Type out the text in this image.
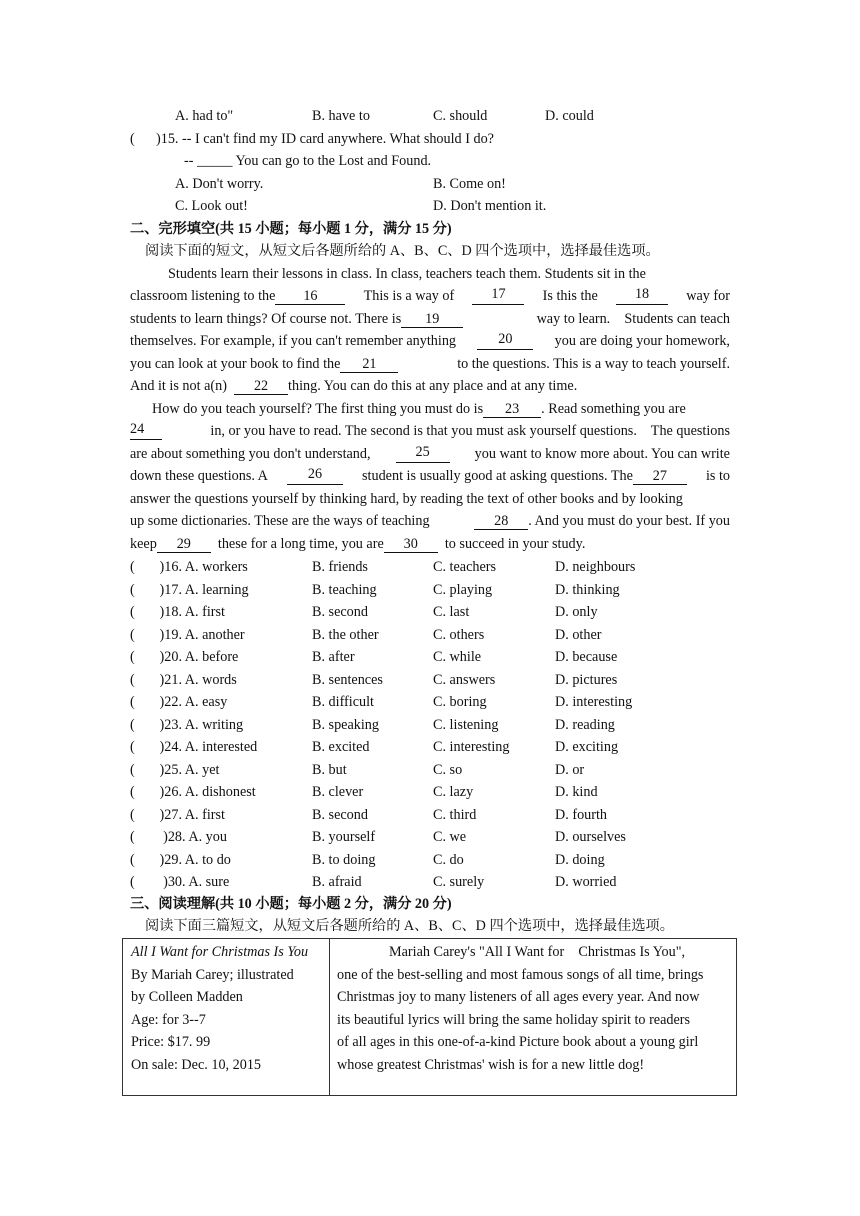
A. had to"	B. have to	C. should	D. could
(      )15. -- I can't find my ID card anywhere. What should I do?
-- _____ You can go to the Lost and Found.
A. Don't worry.	B. Come on!
C. Look out!	D. Don't mention it.
二、完形填空(共 15 小题；每小题 1 分，满分 15 分)
阅读下面的短文，从短文后各题所给的 A、B、C、D 四个选项中，选择最佳选项。
Students learn their lessons in class. In class, teachers teach them. Students sit in the
classroom listening to the 16	This is a way of	17	Is this the	18	way for
students to learn things? Of course not. There is 19	way to learn.    Students can teach
themselves. For example, if you can't remember anything	20	you are doing your homework,
you can look at your book to find the 21	to the questions. This is a way to teach yourself.
And it is not a(n) 22 thing. You can do this at any place and at any time.
How do you teach yourself? The first thing you must do is 23 . Read something you are
24	in, or you have to read. The second is that you must ask yourself questions.    The questions
are about something you don't understand,	25	you want to know more about. You can write
down these questions. A	26	student is usually good at asking questions. The 27	is to
answer the questions yourself by thinking hard, by reading the text of other books and by looking
up some dictionaries. These are the ways of teaching	28 . And you must do your best. If you
keep 29 these for a long time, you are 30 to succeed in your study.
(       )16. A. workers	B. friends	C. teachers	D. neighbours
(       )17. A. learning	B. teaching	C. playing	D. thinking
(       )18. A. first	B. second	C. last	D. only
(       )19. A. another	B. the other	C. others	D. other
(       )20. A. before	B. after	C. while	D. because
(       )21. A. words	B. sentences	C. answers	D. pictures
(       )22. A. easy	B. difficult	C. boring	D. interesting
(       )23. A. writing	B. speaking	C. listening	D. reading
(       )24. A. interested	B. excited	C. interesting	D. exciting
(       )25. A. yet	B. but	C. so	D. or
(       )26. A. dishonest	B. clever	C. lazy	D. kind
(       )27. A. first	B. second	C. third	D. fourth
(        )28. A. you	B. yourself	C. we	D. ourselves
(       )29. A. to do	B. to doing	C. do	D. doing
(        )30. A. sure	B. afraid	C. surely	D. worried
三、阅读理解(共 10 小题；每小题 2 分，满分 20 分)
阅读下面三篇短文，从短文后各题所给的 A、B、C、D 四个选项中，选择最佳选项。
All I Want for Christmas Is You
By Mariah Carey; illustrated
by Colleen Madden
Age: for 3--7
Price: $17. 99
On sale: Dec. 10, 2015
Mariah Carey's "All I Want for    Christmas Is You",
one of the best-selling and most famous songs of all time, brings
Christmas joy to many listeners of all ages every year. And now
its beautiful lyrics will bring the same holiday spirit to readers
of all ages in this one-of-a-kind Picture book about a young girl
whose greatest Christmas' wish is for a new little dog!
